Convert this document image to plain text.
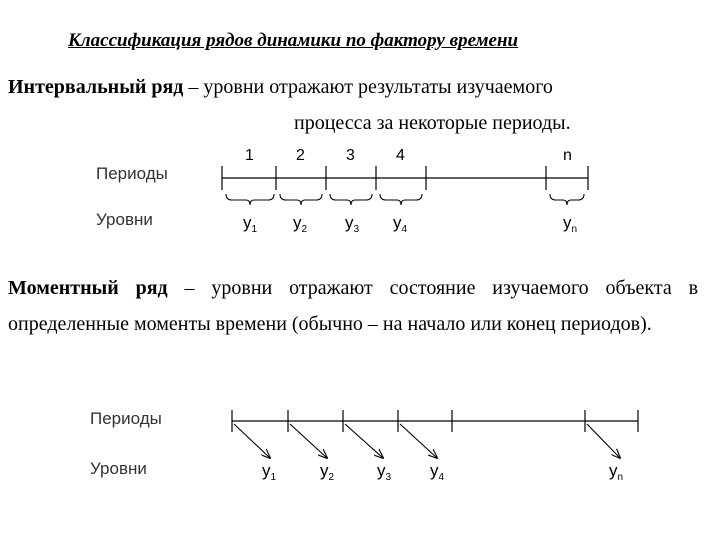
Классификация рядов динамики по фактору времени
Интервальный ряд – уровни отражают результаты изучаемого
процесса за некоторые периоды.
Периоды
Уровни
1	2	3	4	n
$y_1$ $y_2$ $y_3$ $y_4$	$y_n$
Моментный ряд – уровни отражают состояние изучаемого объекта в определенные моменты времени (обычно – на начало или конец периодов).
Периоды
Уровни	$y_1$	$y_2$	$y_3$ $y_4$	$y_n$
